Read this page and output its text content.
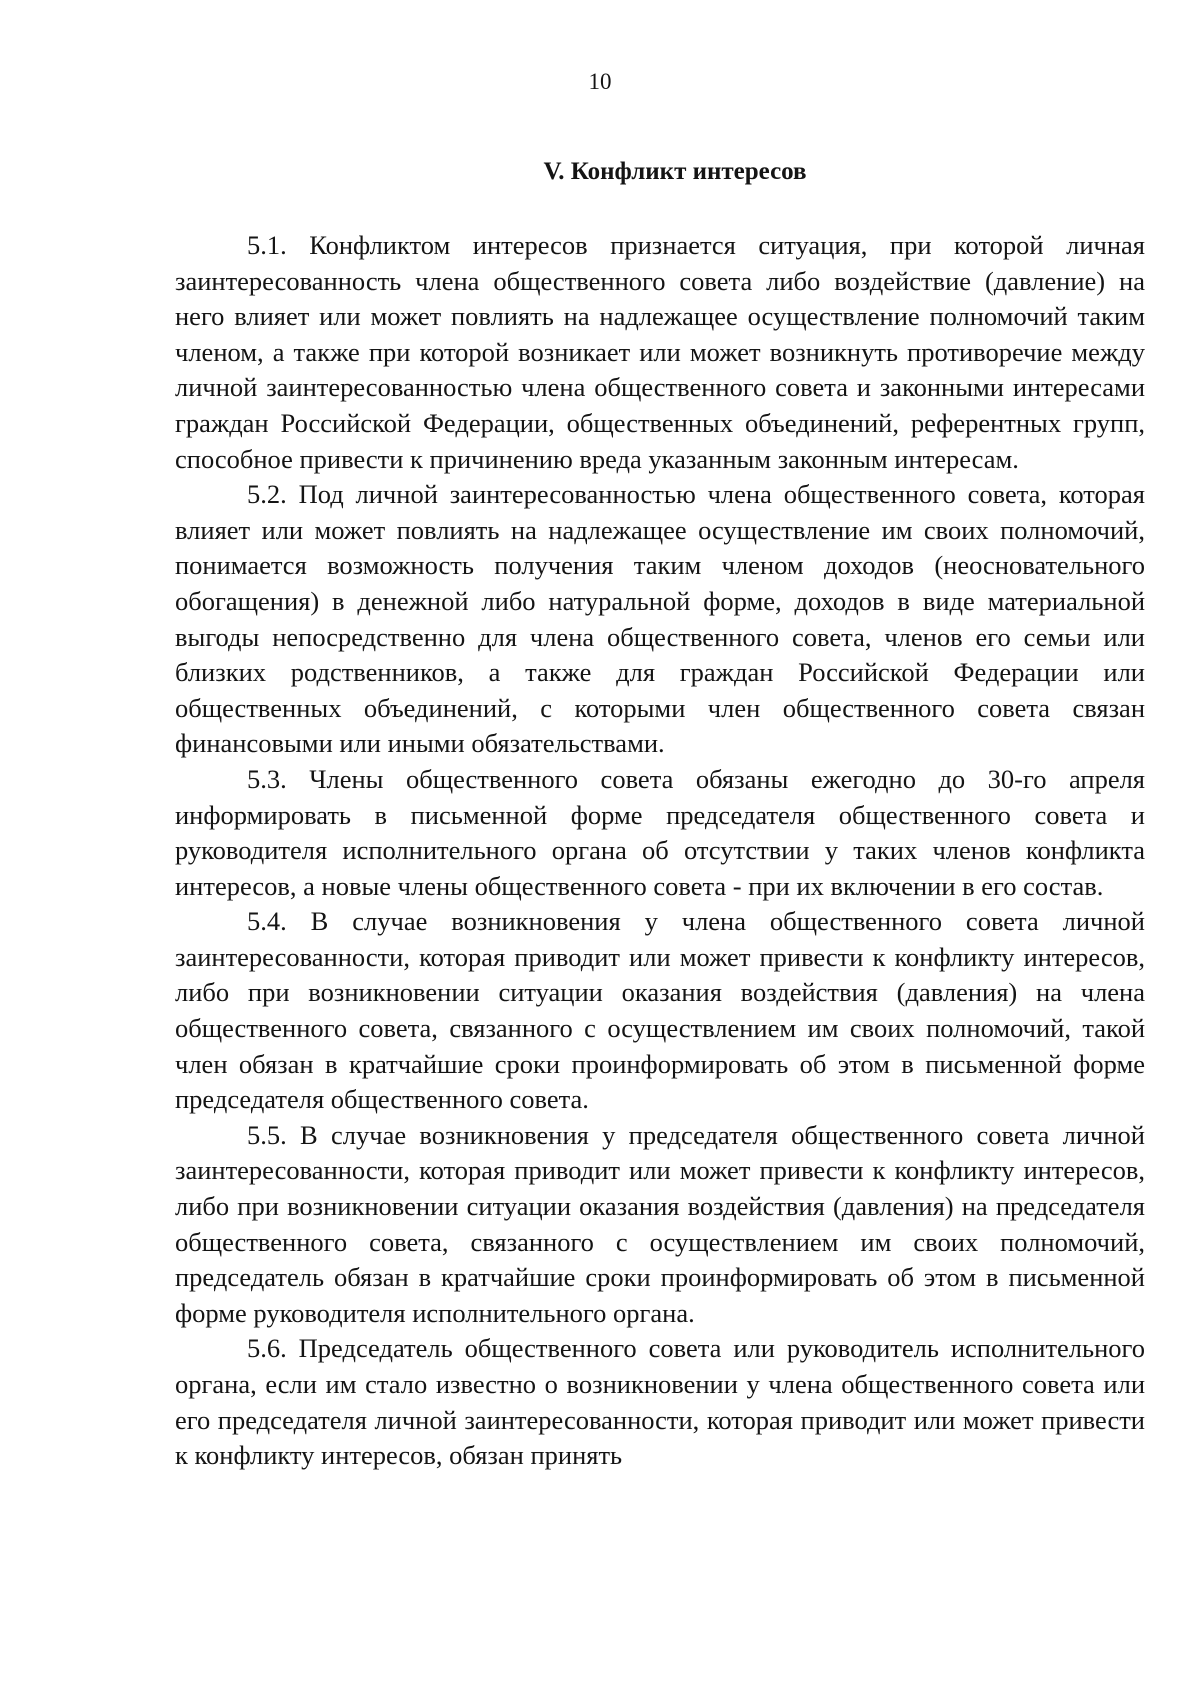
10
V. Конфликт интересов

5.1. Конфликтом интересов признается ситуация, при которой личная заинтересованность члена общественного совета либо воздействие (давление) на него влияет или может повлиять на надлежащее осуществление полномочий таким членом, а также при которой возникает или может возникнуть противоречие между личной заинтересованностью члена общественного совета и законными интересами граждан Российской Федерации, общественных объединений, референтных групп, способное привести к причинению вреда указанным законным интересам.

5.2. Под личной заинтересованностью члена общественного совета, которая влияет или может повлиять на надлежащее осуществление им своих полномочий, понимается возможность получения таким членом доходов (неосновательного обогащения) в денежной либо натуральной форме, доходов в виде материальной выгоды непосредственно для члена общественного совета, членов его семьи или близких родственников, а также для граждан Российской Федерации или общественных объединений, с которыми член общественного совета связан финансовыми или иными обязательствами.

5.3. Члены общественного совета обязаны ежегодно до 30-го апреля информировать в письменной форме председателя общественного совета и руководителя исполнительного органа об отсутствии у таких членов конфликта интересов, а новые члены общественного совета - при их включении в его состав.

5.4. В случае возникновения у члена общественного совета личной заинтересованности, которая приводит или может привести к конфликту интересов, либо при возникновении ситуации оказания воздействия (давления) на члена общественного совета, связанного с осуществлением им своих полномочий, такой член обязан в кратчайшие сроки проинформировать об этом в письменной форме председателя общественного совета.

5.5. В случае возникновения у председателя общественного совета личной заинтересованности, которая приводит или может привести к конфликту интересов, либо при возникновении ситуации оказания воздействия (давления) на председателя общественного совета, связанного с осуществлением им своих полномочий, председатель обязан в кратчайшие сроки проинформировать об этом в письменной форме руководителя исполнительного органа.

5.6. Председатель общественного совета или руководитель исполнительного органа, если им стало известно о возникновении у члена общественного совета или его председателя личной заинтересованности, которая приводит или может привести к конфликту интересов, обязан принять
